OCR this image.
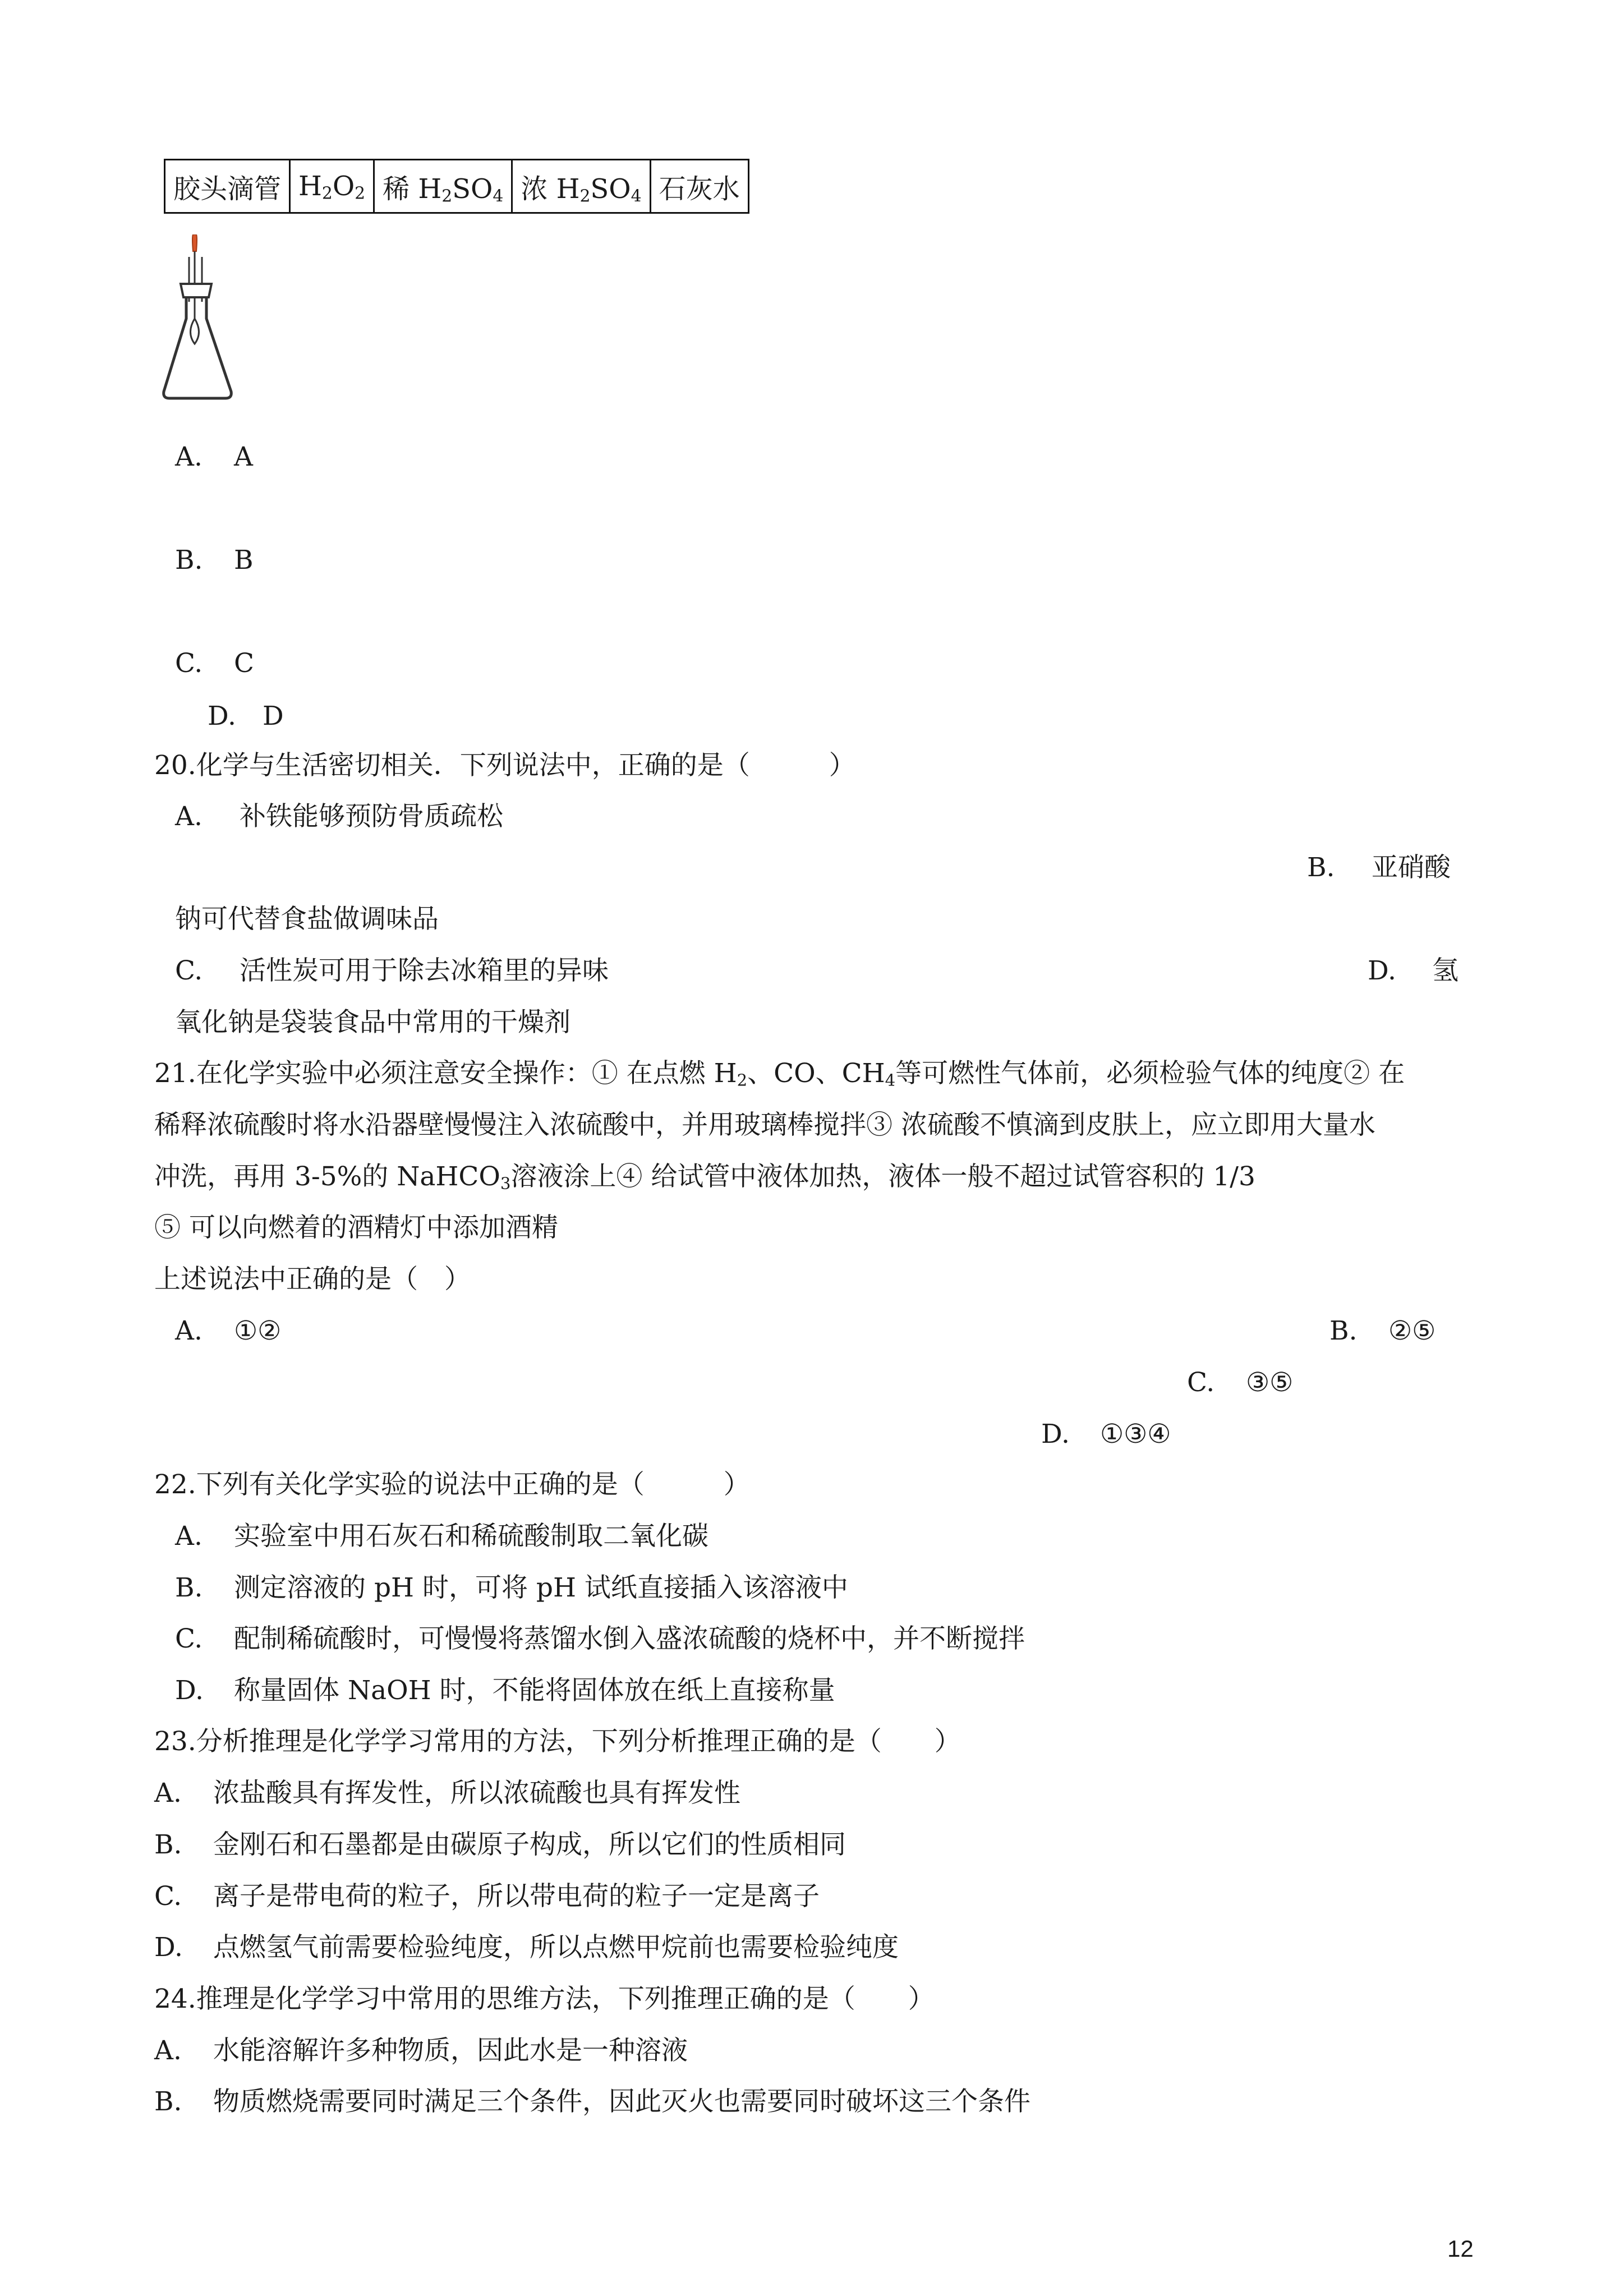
胶头滴管	$H_2O_2$	稀 $H_2SO_4$	浓 $H_2SO_4$	石灰水
A. A
B. B
C. C
D. D
20.化学与生活密切相关．下列说法中，正确的是（　　　）
A. 补铁能够预防骨质疏松
B. 亚硝酸
钠可代替食盐做调味品
C. 活性炭可用于除去冰箱里的异味	D. 氢
氧化钠是袋装食品中常用的干燥剂
21.在化学实验中必须注意安全操作：① 在点燃 $H_2$、CO、$CH_4$等可燃性气体前，必须检验气体的纯度② 在
稀释浓硫酸时将水沿器壁慢慢注入浓硫酸中，并用玻璃棒搅拌③ 浓硫酸不慎滴到皮肤上，应立即用大量水
冲洗，再用 3-5%的 NaHCO$_3$溶液涂上④ 给试管中液体加热，液体一般不超过试管容积的 1/3
⑤ 可以向燃着的酒精灯中添加酒精
上述说法中正确的是（　）
A. ①②	B. ②⑤
C. ③⑤
D. ①③④
22.下列有关化学实验的说法中正确的是（　　　）
A. 实验室中用石灰石和稀硫酸制取二氧化碳
B. 测定溶液的 pH 时，可将 pH 试纸直接插入该溶液中
C. 配制稀硫酸时，可慢慢将蒸馏水倒入盛浓硫酸的烧杯中，并不断搅拌
D. 称量固体 NaOH 时，不能将固体放在纸上直接称量
23.分析推理是化学学习常用的方法，下列分析推理正确的是（　　）
A. 浓盐酸具有挥发性，所以浓硫酸也具有挥发性
B. 金刚石和石墨都是由碳原子构成，所以它们的性质相同
C. 离子是带电荷的粒子，所以带电荷的粒子一定是离子
D. 点燃氢气前需要检验纯度，所以点燃甲烷前也需要检验纯度
24.推理是化学学习中常用的思维方法，下列推理正确的是（　　）
A. 水能溶解许多种物质，因此水是一种溶液
B. 物质燃烧需要同时满足三个条件，因此灭火也需要同时破坏这三个条件
12
